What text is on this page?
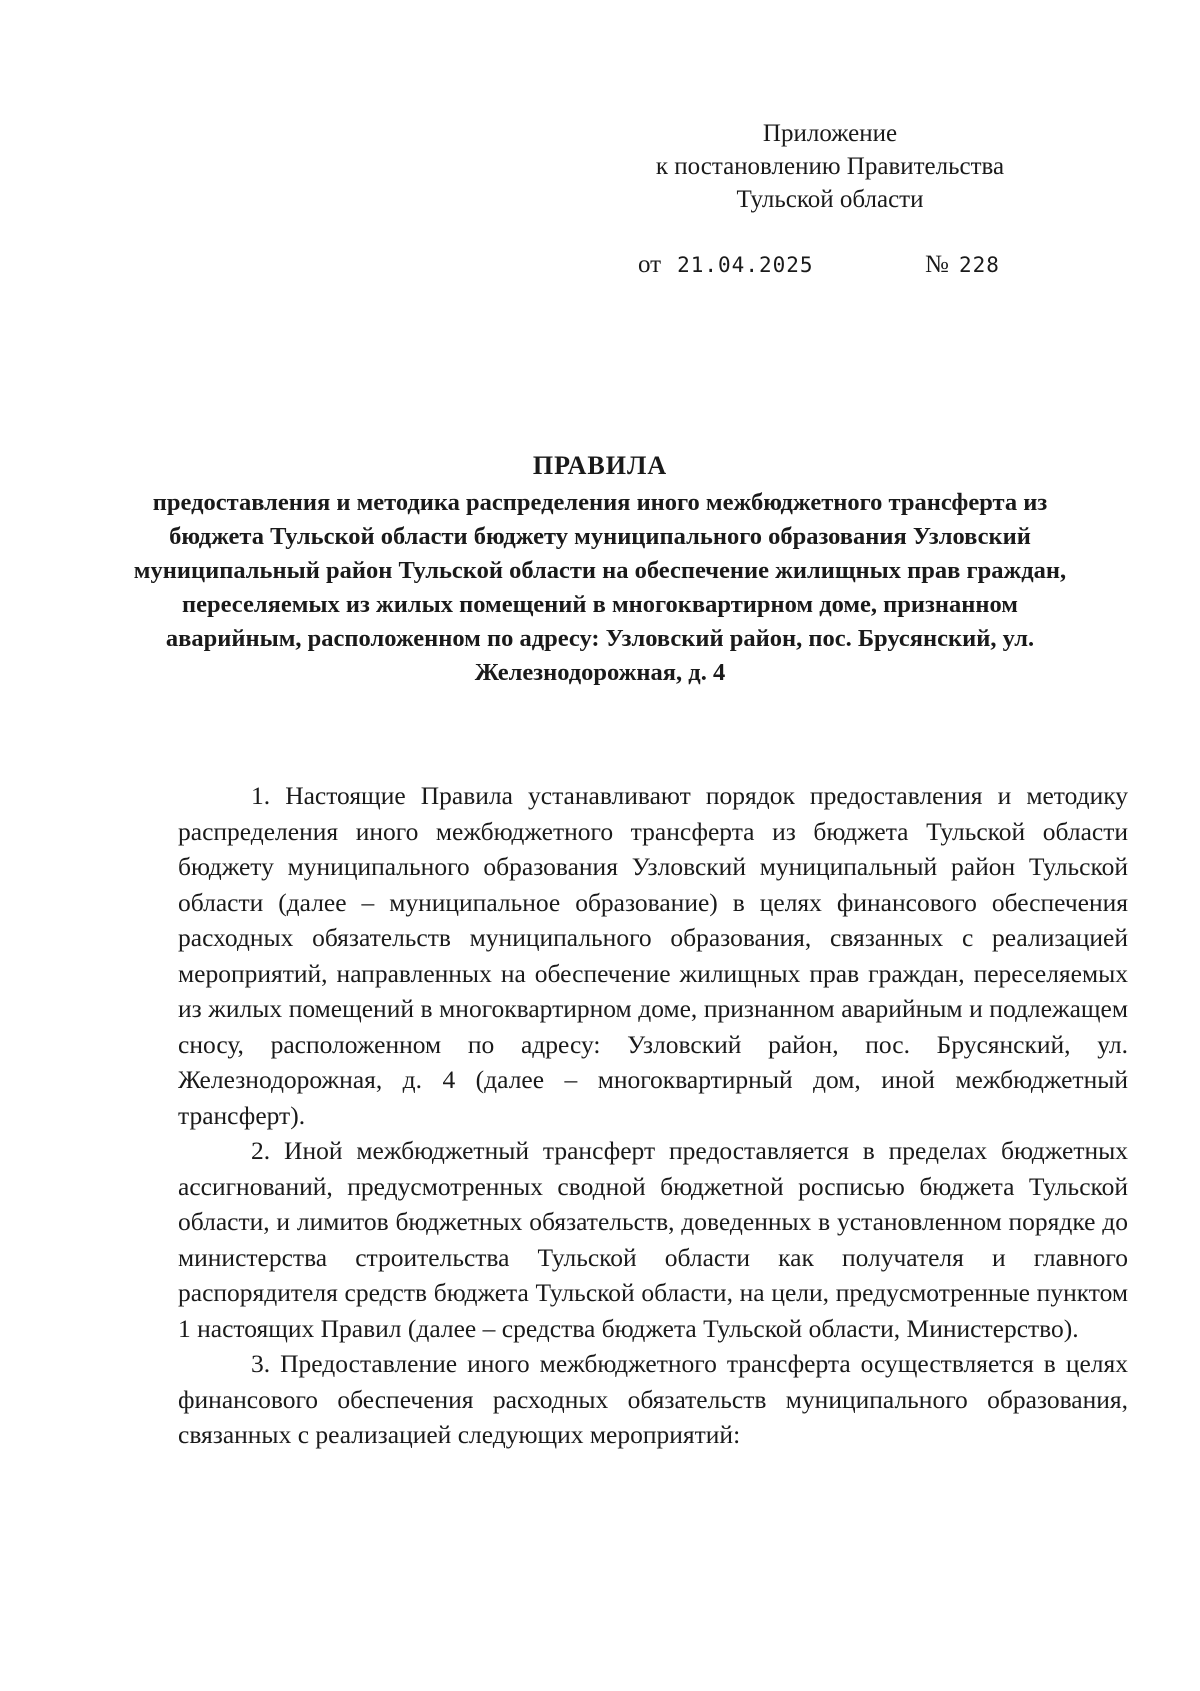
Приложение
к постановлению Правительства
Тульской области
от 21.04.2025	№ 228
ПРАВИЛА
предоставления и методика распределения иного межбюджетного трансферта из бюджета Тульской области бюджету муниципального образования Узловский муниципальный район Тульской области на обеспечение жилищных прав граждан, переселяемых из жилых помещений в многоквартирном доме, признанном аварийным, расположенном по адресу: Узловский район, пос. Брусянский, ул. Железнодорожная, д. 4

1. Настоящие Правила устанавливают порядок предоставления и методику распределения иного межбюджетного трансферта из бюджета Тульской области бюджету муниципального образования Узловский муниципальный район Тульской области (далее – муниципальное образование) в целях финансового обеспечения расходных обязательств муниципального образования, связанных с реализацией мероприятий, направленных на обеспечение жилищных прав граждан, переселяемых из жилых помещений в многоквартирном доме, признанном аварийным и подлежащем сносу, расположенном по адресу: Узловский район, пос. Брусянский, ул. Железнодорожная, д. 4 (далее – многоквартирный дом, иной межбюджетный трансферт).

2. Иной межбюджетный трансферт предоставляется в пределах бюджетных ассигнований, предусмотренных сводной бюджетной росписью бюджета Тульской области, и лимитов бюджетных обязательств, доведенных в установленном порядке до министерства строительства Тульской области как получателя и главного распорядителя средств бюджета Тульской области, на цели, предусмотренные пунктом 1 настоящих Правил (далее – средства бюджета Тульской области, Министерство).

3. Предоставление иного межбюджетного трансферта осуществляется в целях финансового обеспечения расходных обязательств муниципального образования, связанных с реализацией следующих мероприятий:
